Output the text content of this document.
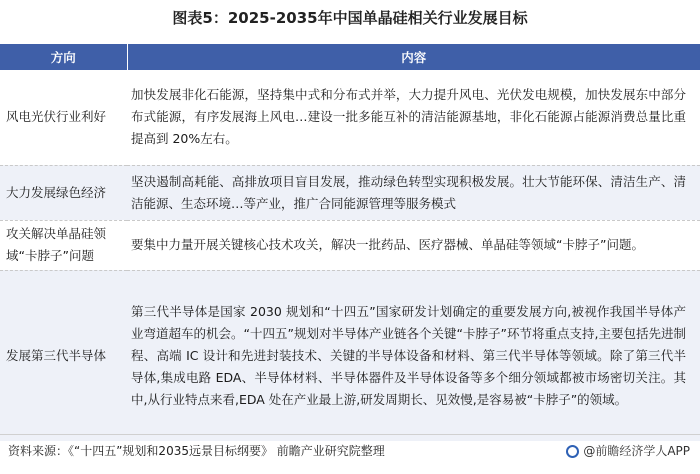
图表5：2025-2035年中国单晶硅相关行业发展目标
方向	内容
风电光伏行业利好	加快发展非化石能源，坚持集中式和分布式并举，大力提升风电、光伏发电规模，加快发展东中部分布式能源，有序发展海上风电…建设一批多能互补的清洁能源基地，非化石能源占能源消费总量比重提高到 20%左右。
大力发展绿色经济	坚决遏制高耗能、高排放项目盲目发展，推动绿色转型实现积极发展。壮大节能环保、清洁生产、清洁能源、生态环境…等产业，推广合同能源管理等服务模式
攻关解决单晶硅领域“卡脖子”问题	要集中力量开展关键核心技术攻关，解决一批药品、医疗器械、单晶硅等领域“卡脖子”问题。
发展第三代半导体	第三代半导体是国家 2030 规划和“十四五”国家研发计划确定的重要发展方向,被视作我国半导体产业弯道超车的机会。“十四五”规划对半导体产业链各个关键“卡脖子”环节将重点支持,主要包括先进制程、高端 IC 设计和先进封装技术、关键的半导体设备和材料、第三代半导体等领域。除了第三代半导体,集成电路 EDA、半导体材料、半导体器件及半导体设备等多个细分领域都被市场密切关注。其中,从行业特点来看,EDA 处在产业最上游,研发周期长、见效慢,是容易被“卡脖子”的领域。
资料来源：《“十四五”规划和2035远景目标纲要》 前瞻产业研究院整理	@前瞻经济学人APP
